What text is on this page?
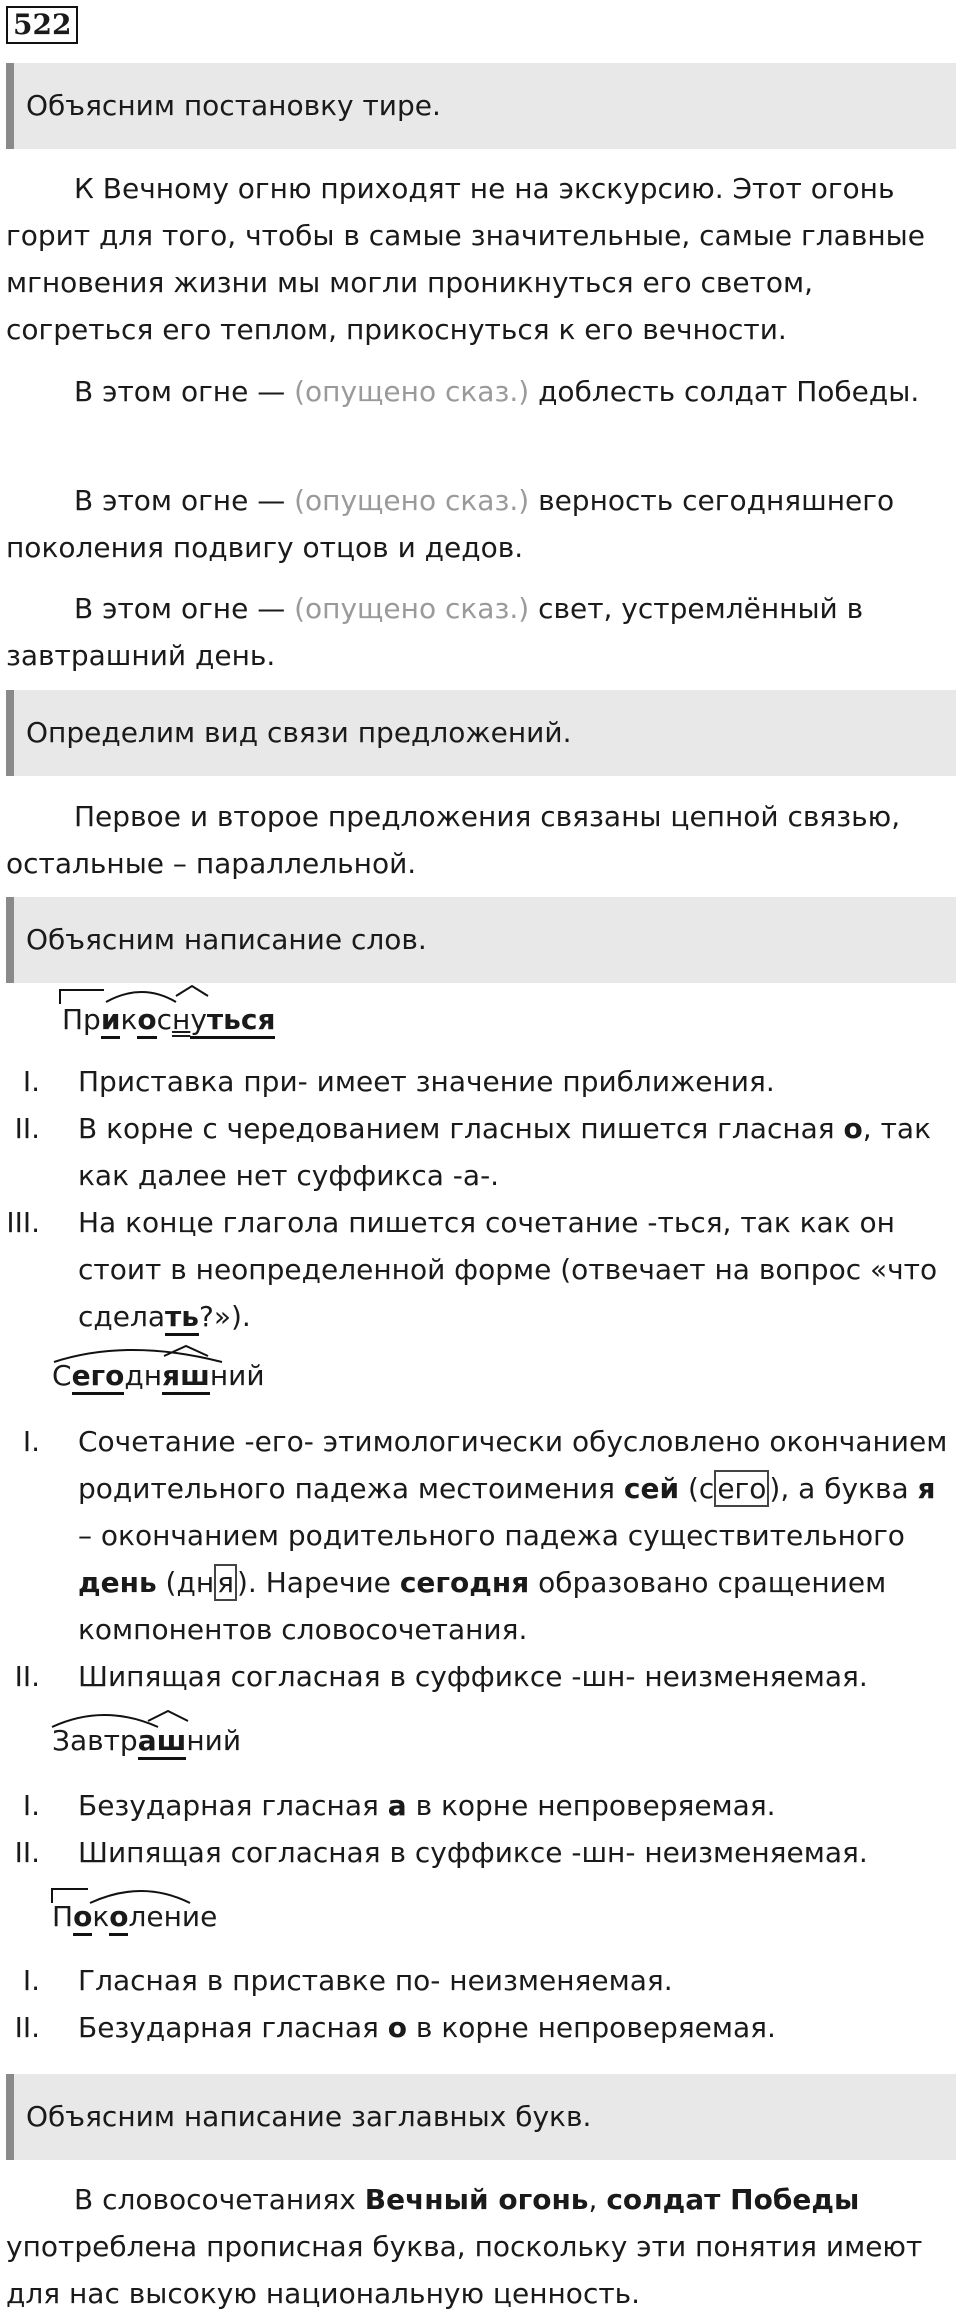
522
Объясним постановку тире.

К Вечному огню приходят не на экскурсию. Этот огонь горит для того, чтобы в самые значительные, самые главные мгновения жизни мы могли проникнуться его светом, согреться его теплом, прикоснуться к его вечности.

В этом огне — (опущено сказ.) доблесть солдат Победы.

В этом огне — (опущено сказ.) верность сегодняшнего поколения подвигу отцов и дедов.

В этом огне — (опущено сказ.) свет, устремлённый в завтрашний день.

Определим вид связи предложений.

Первое и второе предложения связаны цепной связью, остальные – параллельной.

Объясним написание слов.
Прикоснуться
I. Приставка при- имеет значение приближения.
II. В корне с чередованием гласных пишется гласная о, так как далее нет суффикса -а-.
III. На конце глагола пишется сочетание -ться, так как он стоит в неопределенной форме (отвечает на вопрос «что сделать?»).
Сегодняшний
I. Сочетание -его- этимологически обусловлено окончанием родительного падежа местоимения сей (с его ), а буква я – окончанием родительного падежа существительного день (дн я ). Наречие сегодня образовано сращением компонентов словосочетания.
II. Шипящая согласная в суффиксе -шн- неизменяемая.
Завтрашний
I. Безударная гласная а в корне непроверяемая.
II. Шипящая согласная в суффиксе -шн- неизменяемая.
Поколение
I. Гласная в приставке по- неизменяемая.
II. Безударная гласная о в корне непроверяемая.
Объясним написание заглавных букв.

В словосочетаниях Вечный огонь, солдат Победы употреблена прописная буква, поскольку эти понятия имеют для нас высокую национальную ценность.
